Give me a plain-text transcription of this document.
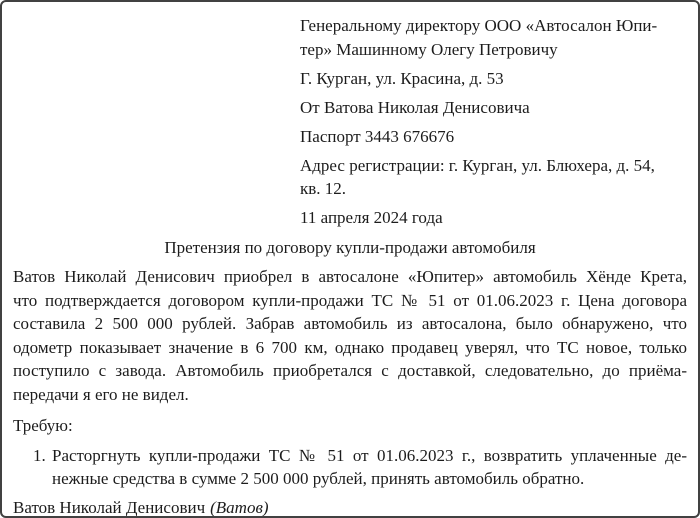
Генеральному директору ООО «Автосалон Юпи-
тер» Машинному Олегу Петровичу
Г. Курган, ул. Красина, д. 53
От Ватова Николая Денисовича
Паспорт 3443 676676
Адрес регистрации: г. Курган, ул. Блюхера, д. 54,
кв. 12.
11 апреля 2024 года
Претензия по договору купли-продажи автомобиля
Ватов Николай Денисович приобрел в автосалоне «Юпитер» автомобиль Хёнде Крета,
что подтверждается договором купли-продажи ТС № 51 от 01.06.2023 г. Цена договора
составила 2 500 000 рублей. Забрав автомобиль из автосалона, было обнаружено, что
одометр показывает значение в 6 700 км, однако продавец уверял, что ТС новое, только
поступило с завода. Автомобиль приобретался с доставкой, следовательно, до приёма-
передачи я его не видел.
Требую:
1. Расторгнуть купли-продажи ТС № 51 от 01.06.2023 г., возвратить уплаченные де-
нежные средства в сумме 2 500 000 рублей, принять автомобиль обратно.
Ватов Николай Денисович (Ватов)
